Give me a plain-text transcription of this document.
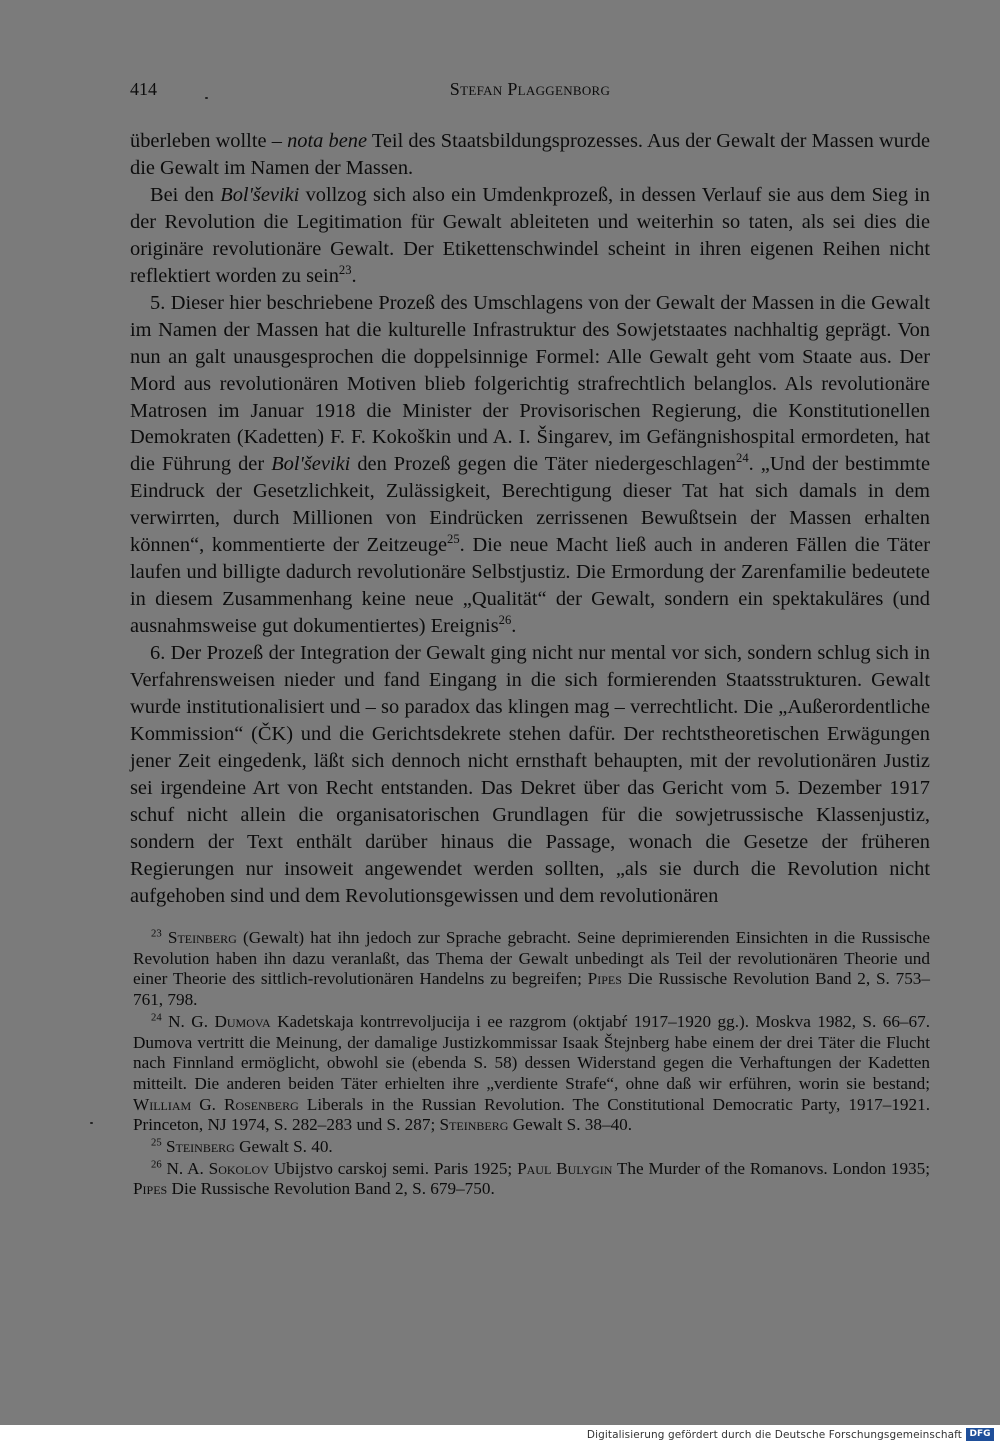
414	Stefan Plaggenborg

überleben wollte – nota bene Teil des Staatsbildungsprozesses. Aus der Gewalt der Massen wurde die Gewalt im Namen der Massen.

Bei den Bol'ševiki vollzog sich also ein Umdenkprozeß, in dessen Verlauf sie aus dem Sieg in der Revolution die Legitimation für Gewalt ableiteten und weiterhin so taten, als sei dies die originäre revolutionäre Gewalt. Der Etikettenschwindel scheint in ihren eigenen Reihen nicht reflektiert worden zu sein$^{23}$.

5. Dieser hier beschriebene Prozeß des Umschlagens von der Gewalt der Massen in die Gewalt im Namen der Massen hat die kulturelle Infrastruktur des Sowjetstaates nachhaltig geprägt. Von nun an galt unausgesprochen die doppelsinnige Formel: Alle Gewalt geht vom Staate aus. Der Mord aus revolutionären Motiven blieb folgerichtig strafrechtlich belanglos. Als revolutionäre Matrosen im Januar 1918 die Minister der Provisorischen Regierung, die Konstitutionellen Demokraten (Kadetten) F. F. Kokoškin und A. I. Šingarev, im Gefängnishospital ermordeten, hat die Führung der Bol'ševiki den Prozeß gegen die Täter niedergeschlagen$^{24}$. „Und der bestimmte Eindruck der Gesetzlichkeit, Zulässigkeit, Berechtigung dieser Tat hat sich damals in dem verwirrten, durch Millionen von Eindrücken zerrissenen Bewußtsein der Massen erhalten können“, kommentierte der Zeitzeuge$^{25}$. Die neue Macht ließ auch in anderen Fällen die Täter laufen und billigte dadurch revolutionäre Selbstjustiz. Die Ermordung der Zarenfamilie bedeutete in diesem Zusammenhang keine neue „Qualität“ der Gewalt, sondern ein spektakuläres (und ausnahmsweise gut dokumentiertes) Ereignis$^{26}$.

6. Der Prozeß der Integration der Gewalt ging nicht nur mental vor sich, sondern schlug sich in Verfahrensweisen nieder und fand Eingang in die sich formierenden Staatsstrukturen. Gewalt wurde institutionalisiert und – so paradox das klingen mag – verrechtlicht. Die „Außerordentliche Kommission“ (ČK) und die Gerichtsdekrete stehen dafür. Der rechtstheoretischen Erwägungen jener Zeit eingedenk, läßt sich dennoch nicht ernsthaft behaupten, mit der revolutionären Justiz sei irgendeine Art von Recht entstanden. Das Dekret über das Gericht vom 5. Dezember 1917 schuf nicht allein die organisatorischen Grundlagen für die sowjetrussische Klassenjustiz, sondern der Text enthält darüber hinaus die Passage, wonach die Gesetze der früheren Regierungen nur insoweit angewendet werden sollten, „als sie durch die Revolution nicht aufgehoben sind und dem Revolutionsgewissen und dem revolutionären

$^{23}$ Steinberg (Gewalt) hat ihn jedoch zur Sprache gebracht. Seine deprimierenden Einsichten in die Russische Revolution haben ihn dazu veranlaßt, das Thema der Gewalt unbedingt als Teil der revolutionären Theorie und einer Theorie des sittlich-revolutionären Handelns zu begreifen; Pipes Die Russische Revolution Band 2, S. 753–761, 798.

$^{24}$ N. G. Dumova Kadetskaja kontrrevoljucija i ee razgrom (oktjabŕ 1917–1920 gg.). Moskva 1982, S. 66–67. Dumova vertritt die Meinung, der damalige Justizkommissar Isaak Štejnberg habe einem der drei Täter die Flucht nach Finnland ermöglicht, obwohl sie (ebenda S. 58) dessen Widerstand gegen die Verhaftungen der Kadetten mitteilt. Die anderen beiden Täter erhielten ihre „verdiente Strafe“, ohne daß wir erführen, worin sie bestand; William G. Rosenberg Liberals in the Russian Revolution. The Constitutional Democratic Party, 1917–1921. Princeton, NJ 1974, S. 282–283 und S. 287; Steinberg Gewalt S. 38–40.

$^{25}$ Steinberg Gewalt S. 40.

$^{26}$ N. A. Sokolov Ubijstvo carskoj semi. Paris 1925; Paul Bulygin The Murder of the Romanovs. London 1935; Pipes Die Russische Revolution Band 2, S. 679–750.

Digitalisierung gefördert durch die Deutsche Forschungsgemeinschaft DFG
